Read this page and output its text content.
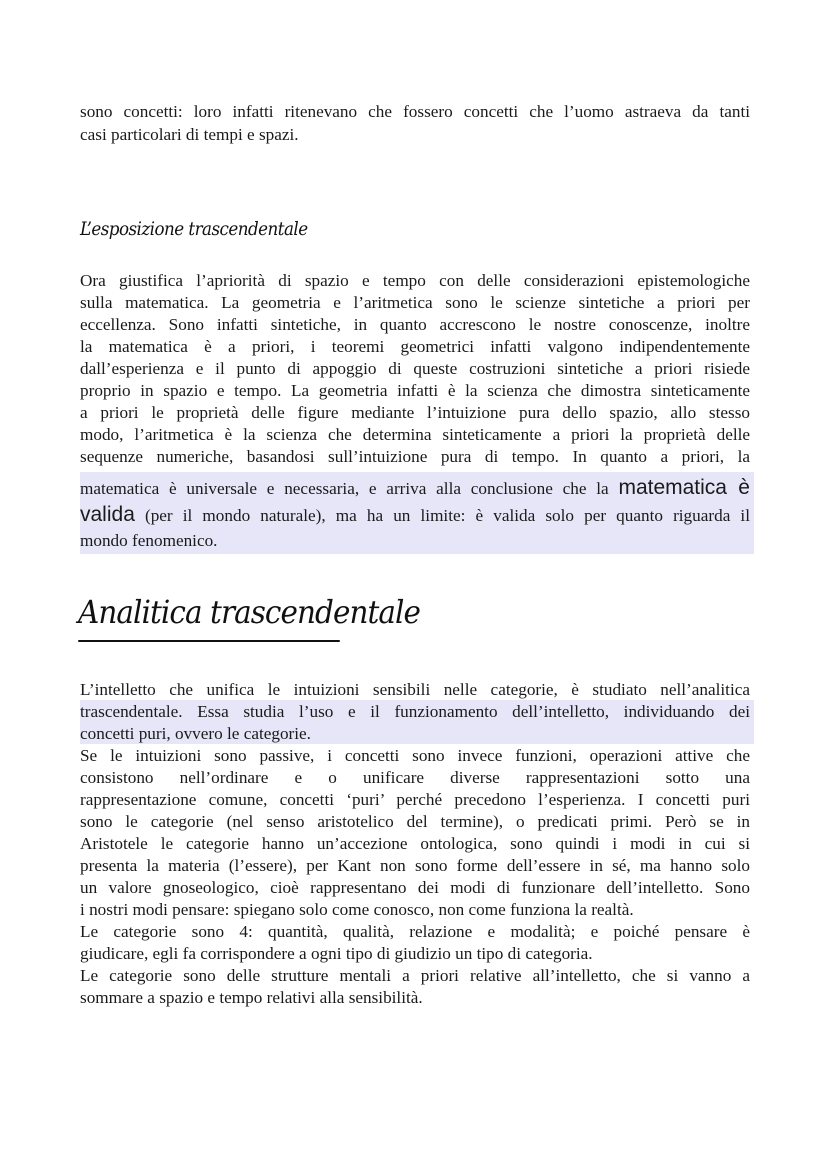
sono concetti: loro infatti ritenevano che fossero concetti che l’uomo astraeva da tanti
casi particolari di tempi e spazi.
L’esposizione trascendentale
Ora giustifica l’apriorità di spazio e tempo con delle considerazioni epistemologiche
sulla matematica. La geometria e l’aritmetica sono le scienze sintetiche a priori per
eccellenza. Sono infatti sintetiche, in quanto accrescono le nostre conoscenze, inoltre
la matematica è a priori, i teoremi geometrici infatti valgono indipendentemente
dall’esperienza e il punto di appoggio di queste costruzioni sintetiche a priori risiede
proprio in spazio e tempo. La geometria infatti è la scienza che dimostra sinteticamente
a priori le proprietà delle figure mediante l’intuizione pura dello spazio, allo stesso
modo, l’aritmetica è la scienza che determina sinteticamente a priori la proprietà delle
sequenze numeriche, basandosi sull’intuizione pura di tempo. In quanto a priori, la
matematica è universale e necessaria, e arriva alla conclusione che la matematica è
valida (per il mondo naturale), ma ha un limite: è valida solo per quanto riguarda il
mondo fenomenico.
Analitica trascendentale
L’intelletto che unifica le intuizioni sensibili nelle categorie, è studiato nell’analitica
trascendentale. Essa studia l’uso e il funzionamento dell’intelletto, individuando dei
concetti puri, ovvero le categorie.
Se le intuizioni sono passive, i concetti sono invece funzioni, operazioni attive che
consistono nell’ordinare e o unificare diverse rappresentazioni sotto una
rappresentazione comune, concetti ‘puri’ perché precedono l’esperienza. I concetti puri
sono le categorie (nel senso aristotelico del termine), o predicati primi. Però se in
Aristotele le categorie hanno un’accezione ontologica, sono quindi i modi in cui si
presenta la materia (l’essere), per Kant non sono forme dell’essere in sé, ma hanno solo
un valore gnoseologico, cioè rappresentano dei modi di funzionare dell’intelletto. Sono
i nostri modi pensare: spiegano solo come conosco, non come funziona la realtà.
Le categorie sono 4: quantità, qualità, relazione e modalità; e poiché pensare è
giudicare, egli fa corrispondere a ogni tipo di giudizio un tipo di categoria.
Le categorie sono delle strutture mentali a priori relative all’intelletto, che si vanno a
sommare a spazio e tempo relativi alla sensibilità.
